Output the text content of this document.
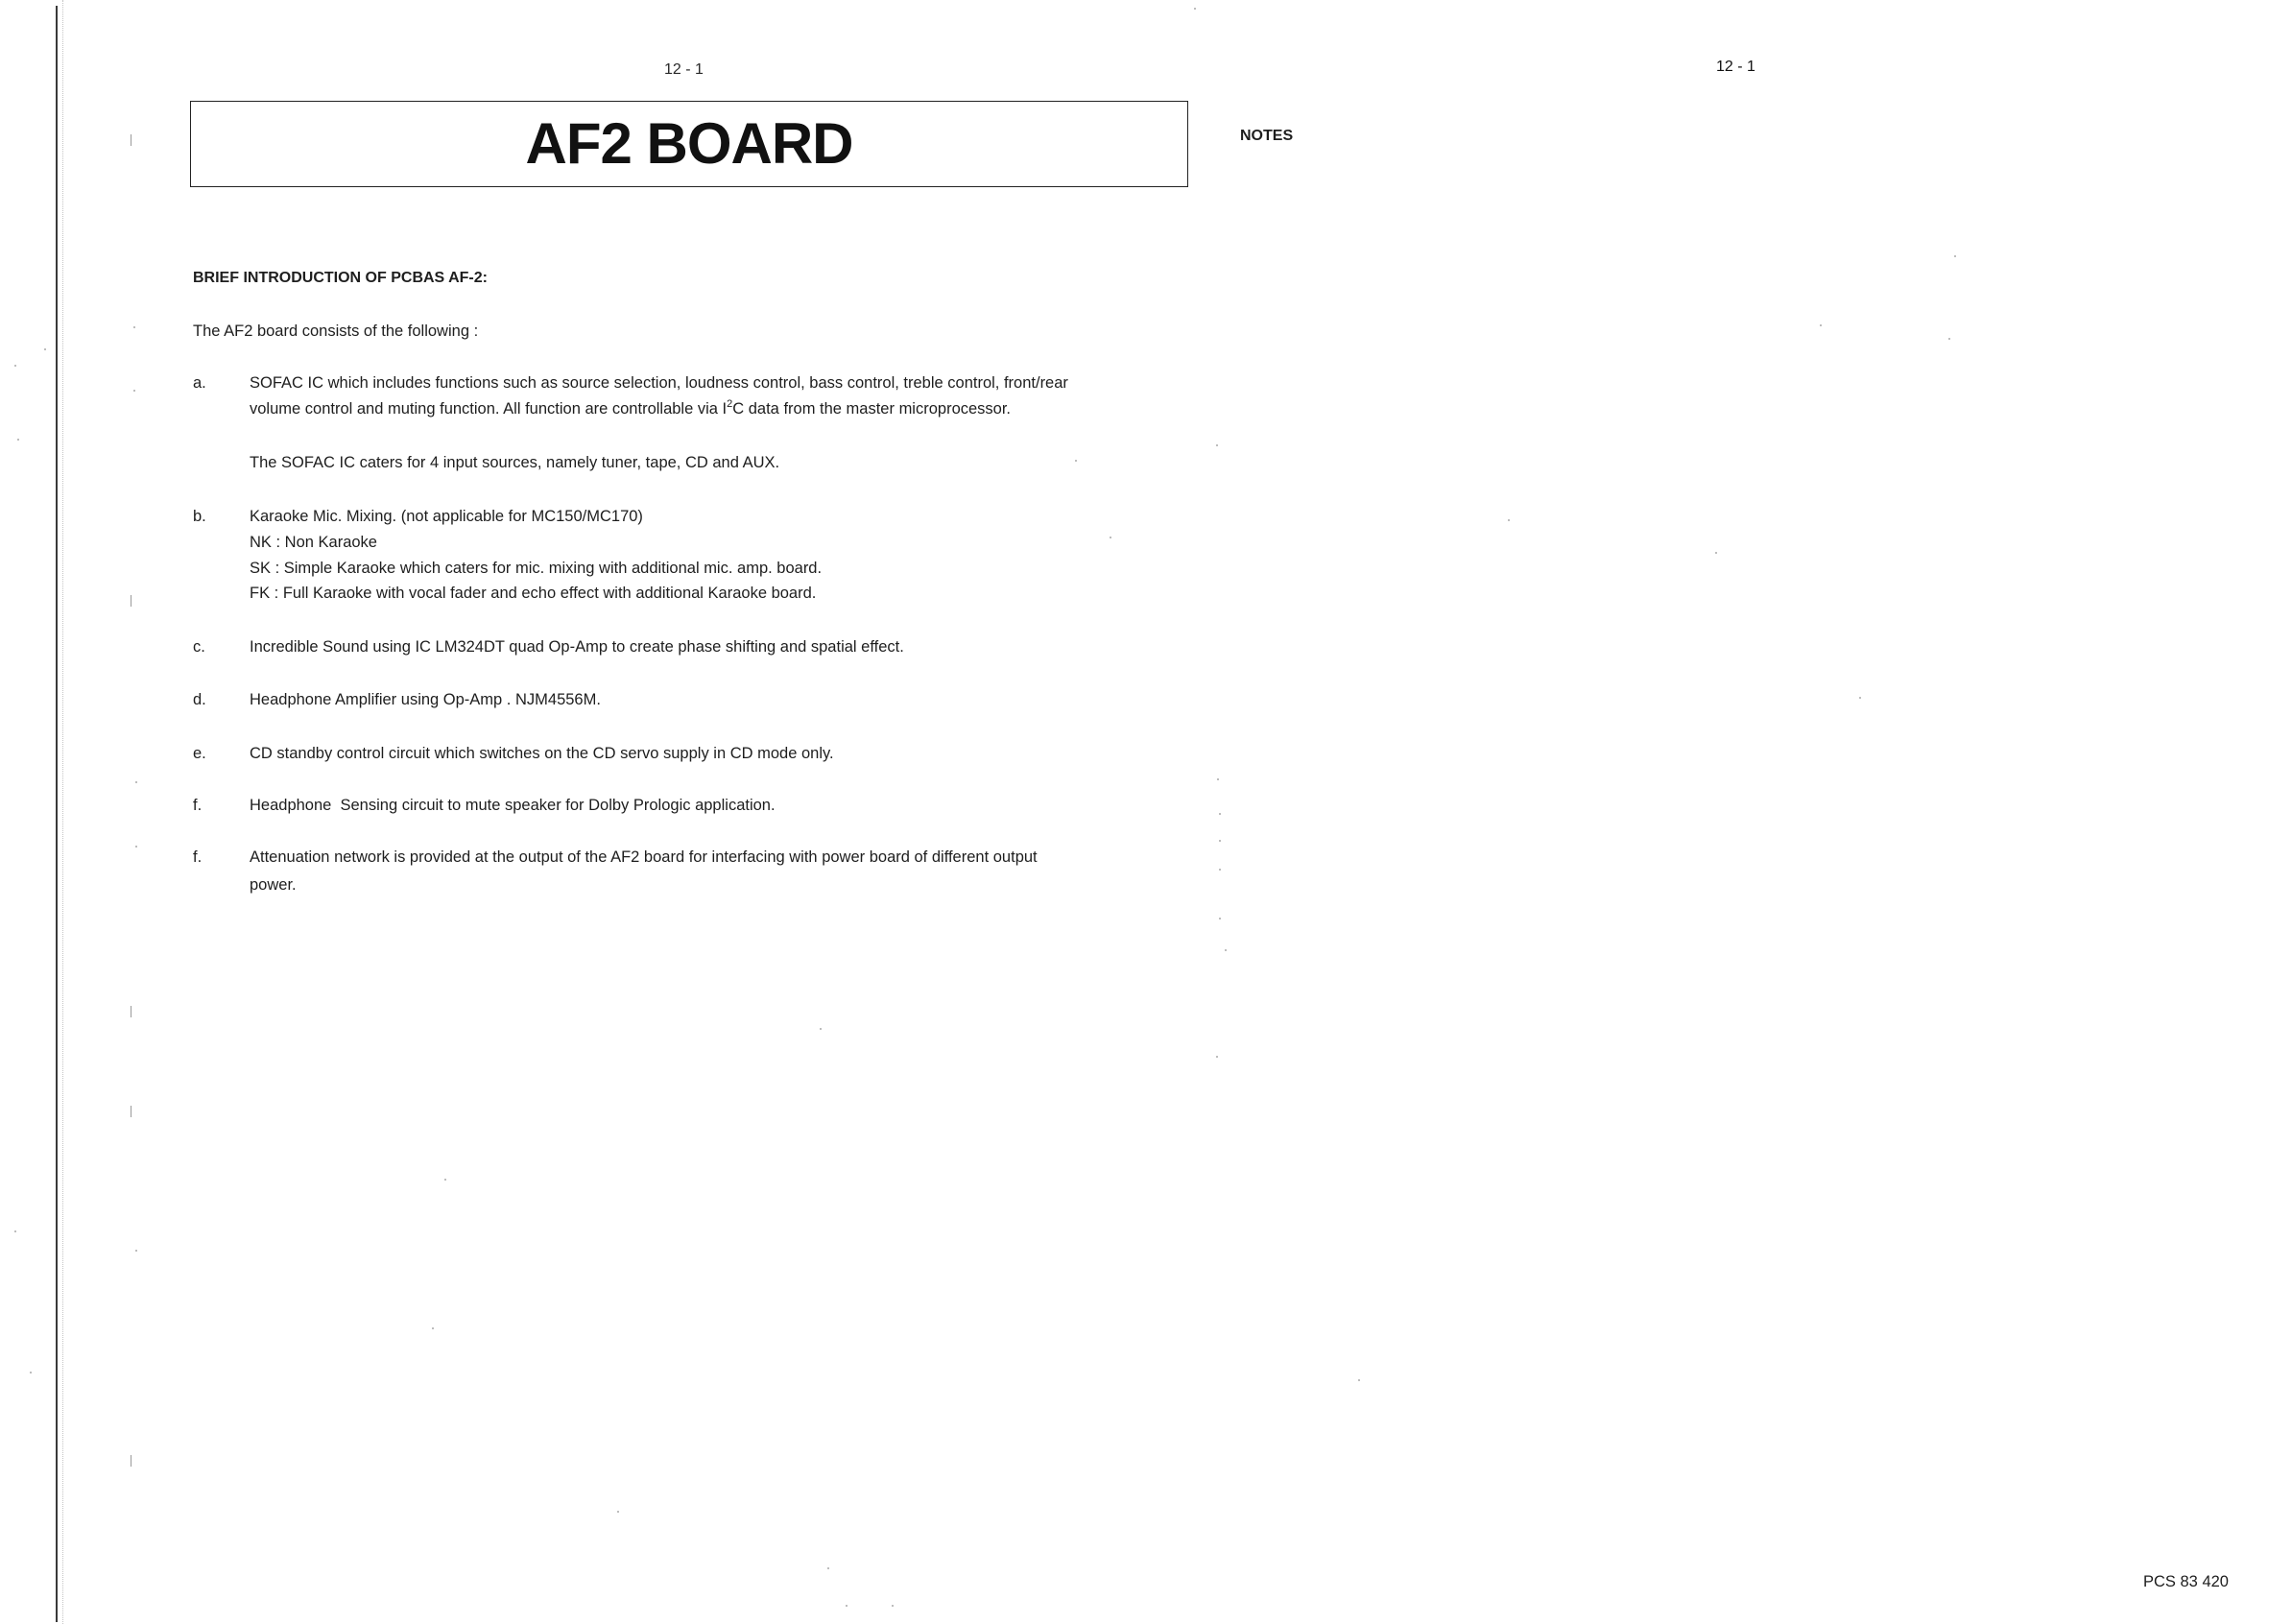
12 - 1	12 - 1
AF2 BOARD	NOTES
BRIEF INTRODUCTION OF PCBAS AF-2:
The AF2 board consists of the following :
a.	SOFAC IC which includes functions such as source selection, loudness control, bass control, treble control, front/rear
volume control and muting function. All function are controllable via $I^2C$ data from the master microprocessor.
The SOFAC IC caters for 4 input sources, namely tuner, tape, CD and AUX.
b.	Karaoke Mic. Mixing. (not applicable for MC150/MC170)
NK : Non Karaoke
SK : Simple Karaoke which caters for mic. mixing with additional mic. amp. board.
FK : Full Karaoke with vocal fader and echo effect with additional Karaoke board.
c.	Incredible Sound using IC LM324DT quad Op-Amp to create phase shifting and spatial effect.
d.	Headphone Amplifier using Op-Amp . NJM4556M.
e.	CD standby control circuit which switches on the CD servo supply in CD mode only.
f.	Headphone  Sensing circuit to mute speaker for Dolby Prologic application.
f.	Attenuation network is provided at the output of the AF2 board for interfacing with power board of different output
power.
PCS 83 420
